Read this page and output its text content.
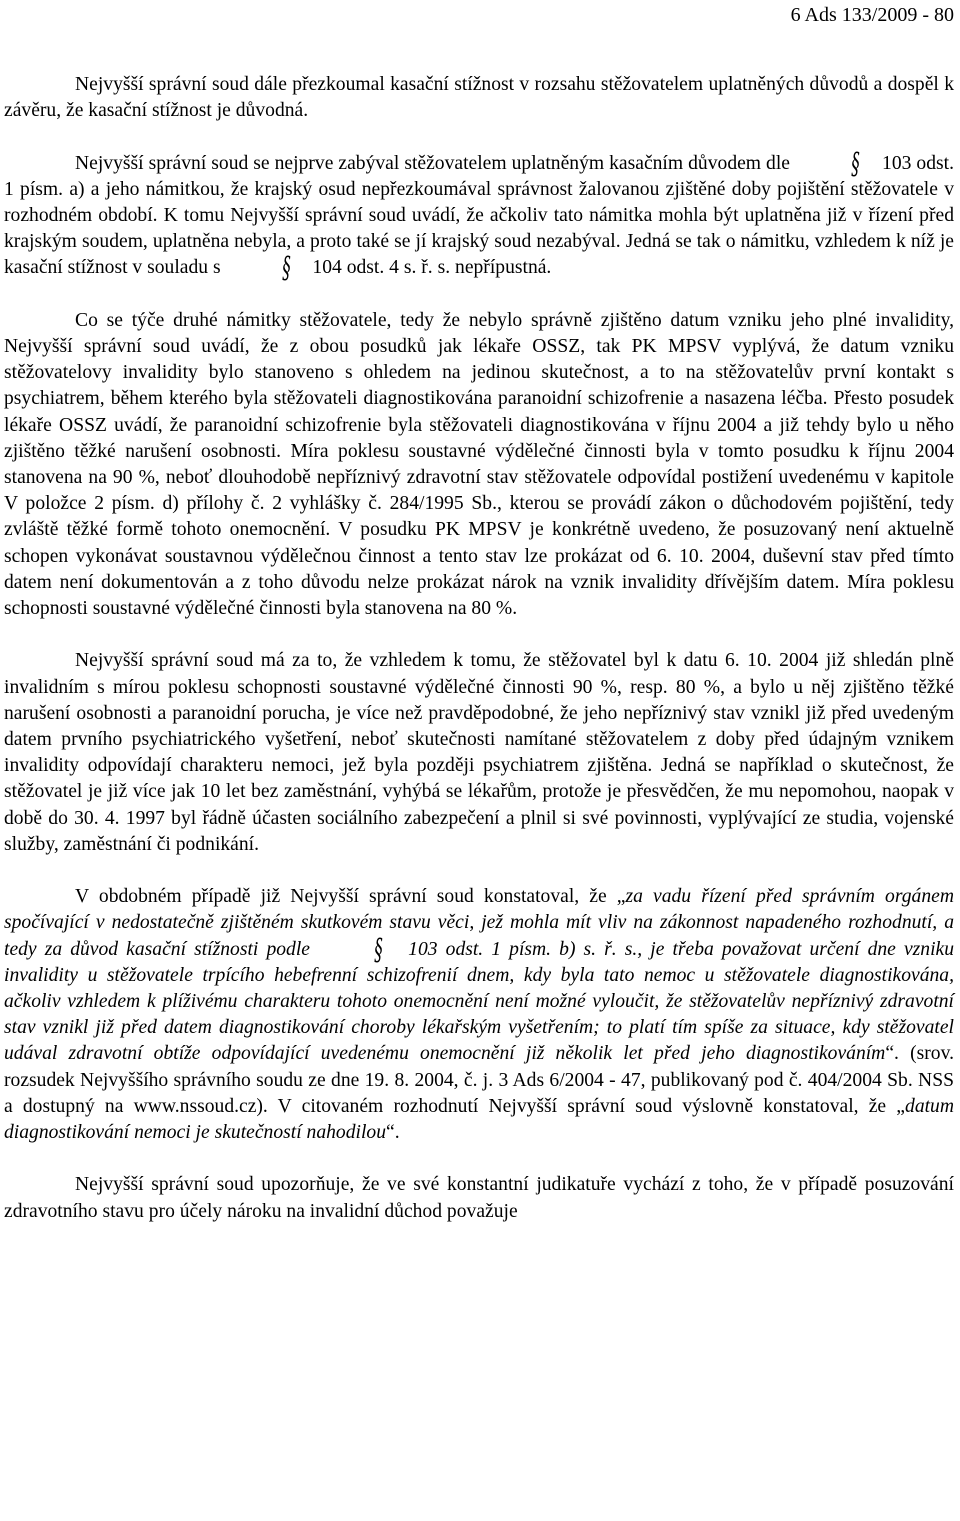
6 Ads 133/2009 - 80

Nejvyšší správní soud dále přezkoumal kasační stížnost v rozsahu stěžovatelem uplatněných důvodů a dospěl k závěru, že kasační stížnost je důvodná.

Nejvyšší správní soud se nejprve zabýval stěžovatelem uplatněným kasačním důvodem dle § 103 odst. 1 písm. a) a jeho námitkou, že krajský osud nepřezkoumával správnost žalovanou zjištěné doby pojištění stěžovatele v rozhodném období. K tomu Nejvyšší správní soud uvádí, že ačkoliv tato námitka mohla být uplatněna již v řízení před krajským soudem, uplatněna nebyla, a proto také se jí krajský soud nezabýval. Jedná se tak o námitku, vzhledem k níž je kasační stížnost v souladu s § 104 odst. 4 s. ř. s. nepřípustná.

Co se týče druhé námitky stěžovatele, tedy že nebylo správně zjištěno datum vzniku jeho plné invalidity, Nejvyšší správní soud uvádí, že z obou posudků jak lékaře OSSZ, tak PK MPSV vyplývá, že datum vzniku stěžovatelovy invalidity bylo stanoveno s ohledem na jedinou skutečnost, a to na stěžovatelův první kontakt s psychiatrem, během kterého byla stěžovateli diagnostikována paranoidní schizofrenie a nasazena léčba. Přesto posudek lékaře OSSZ uvádí, že paranoidní schizofrenie byla stěžovateli diagnostikována v říjnu 2004 a již tehdy bylo u něho zjištěno těžké narušení osobnosti. Míra poklesu soustavné výdělečné činnosti byla v tomto posudku k říjnu 2004 stanovena na 90 %, neboť dlouhodobě nepříznivý zdravotní stav stěžovatele odpovídal postižení uvedenému v kapitole V položce 2 písm. d) přílohy č. 2 vyhlášky č. 284/1995 Sb., kterou se provádí zákon o důchodovém pojištění, tedy zvláště těžké formě tohoto onemocnění. V posudku PK MPSV je konkrétně uvedeno, že posuzovaný není aktuelně schopen vykonávat soustavnou výdělečnou činnost a tento stav lze prokázat od 6. 10. 2004, duševní stav před tímto datem není dokumentován a z toho důvodu nelze prokázat nárok na vznik invalidity dřívějším datem. Míra poklesu schopnosti soustavné výdělečné činnosti byla stanovena na 80 %.

Nejvyšší správní soud má za to, že vzhledem k tomu, že stěžovatel byl k datu 6. 10. 2004 již shledán plně invalidním s mírou poklesu schopnosti soustavné výdělečné činnosti 90 %, resp. 80 %, a bylo u něj zjištěno těžké narušení osobnosti a paranoidní porucha, je více než pravděpodobné, že jeho nepříznivý stav vznikl již před uvedeným datem prvního psychiatrického vyšetření, neboť skutečnosti namítané stěžovatelem z doby před údajným vznikem invalidity odpovídají charakteru nemoci, jež byla později psychiatrem zjištěna. Jedná se například o skutečnost, že stěžovatel je již více jak 10 let bez zaměstnání, vyhýbá se lékařům, protože je přesvědčen, že mu nepomohou, naopak v době do 30. 4. 1997 byl řádně účasten sociálního zabezpečení a plnil si své povinnosti, vyplývající ze studia, vojenské služby, zaměstnání či podnikání.

V obdobném případě již Nejvyšší správní soud konstatoval, že „za vadu řízení před správním orgánem spočívající v nedostatečně zjištěném skutkovém stavu věci, jež mohla mít vliv na zákonnost napadeného rozhodnutí, a tedy za důvod kasační stížnosti podle § 103 odst. 1 písm. b) s. ř. s., je třeba považovat určení dne vzniku invalidity u stěžovatele trpícího hebefrenní schizofrenií dnem, kdy byla tato nemoc u stěžovatele diagnostikována, ačkoliv vzhledem k plíživému charakteru tohoto onemocnění není možné vyloučit, že stěžovatelův nepříznivý zdravotní stav vznikl již před datem diagnostikování choroby lékařským vyšetřením; to platí tím spíše za situace, kdy stěžovatel udával zdravotní obtíže odpovídající uvedenému onemocnění již několik let před jeho diagnostikováním“. (srov. rozsudek Nejvyššího správního soudu ze dne 19. 8. 2004, č. j. 3 Ads 6/2004 - 47, publikovaný pod č. 404/2004 Sb. NSS a dostupný na www.nssoud.cz). V citovaném rozhodnutí Nejvyšší správní soud výslovně konstatoval, že „datum diagnostikování nemoci je skutečností nahodilou“.

Nejvyšší správní soud upozorňuje, že ve své konstantní judikatuře vychází z toho, že v případě posuzování zdravotního stavu pro účely nároku na invalidní důchod považuje
